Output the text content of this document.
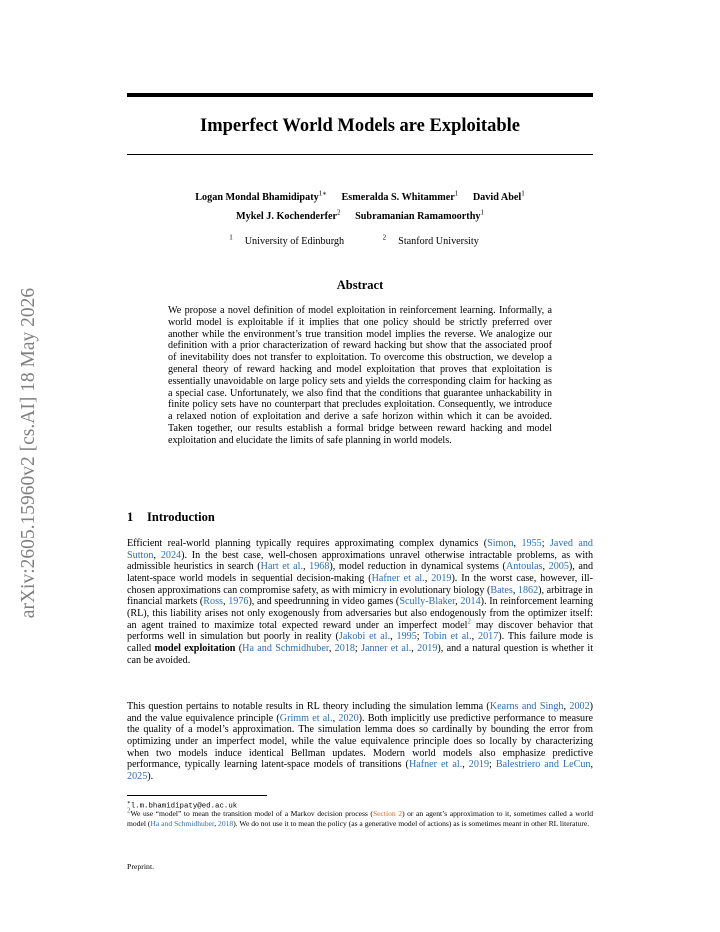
Imperfect World Models are Exploitable
Logan Mondal Bhamidipaty$^{1∗}$ Esmeralda S. Whitammer$^1$ David Abel$^1$
Mykel J. Kochenderfer$^2$ Subramanian Ramamoorthy$^1$
$^1$ University of Edinburgh	$^2$ Stanford University
arXiv:2605.15960v2 [cs.AI] 18 May 2026
Abstract
We propose a novel definition of model exploitation in reinforcement learning. Informally, a world model is exploitable if it implies that one policy should be strictly preferred over another while the environment’s true transition model implies the reverse. We analogize our definition with a prior characterization of reward hacking but show that the associated proof of inevitability does not transfer to exploitation. To overcome this obstruction, we develop a general theory of reward hacking and model exploitation that proves that exploitation is essentially unavoidable on large policy sets and yields the corresponding claim for hacking as a special case. Unfortunately, we also find that the conditions that guarantee unhackability in finite policy sets have no counterpart that precludes exploitation. Consequently, we introduce a relaxed notion of exploitation and derive a safe horizon within which it can be avoided. Taken together, our results establish a formal bridge between reward hacking and model exploitation and elucidate the limits of safe planning in world models.
1 Introduction
Efficient real-world planning typically requires approximating complex dynamics (Simon, 1955; Javed and Sutton, 2024). In the best case, well-chosen approximations unravel otherwise intractable problems, as with admissible heuristics in search (Hart et al., 1968), model reduction in dynamical systems (Antoulas, 2005), and latent-space world models in sequential decision-making (Hafner et al., 2019). In the worst case, however, ill-chosen approximations can compromise safety, as with mimicry in evolutionary biology (Bates, 1862), arbitrage in financial markets (Ross, 1976), and speedrunning in video games (Scully-Blaker, 2014). In reinforcement learning (RL), this liability arises not only exogenously from adversaries but also endogenously from the optimizer itself: an agent trained to maximize total expected reward under an imperfect model$^2$ may discover behavior that performs well in simulation but poorly in reality (Jakobi et al., 1995; Tobin et al., 2017). This failure mode is called model exploitation (Ha and Schmidhuber, 2018; Janner et al., 2019), and a natural question is whether it can be avoided.
This question pertains to notable results in RL theory including the simulation lemma (Kearns and Singh, 2002) and the value equivalence principle (Grimm et al., 2020). Both implicitly use predictive performance to measure the quality of a model’s approximation. The simulation lemma does so cardinally by bounding the error from optimizing under an imperfect model, while the value equivalence principle does so locally by characterizing when two models induce identical Bellman updates. Modern world models also emphasize predictive performance, typically learning latent-space models of transitions (Hafner et al., 2019; Balestriero and LeCun, 2025).
∗l.m.bhamidipaty@ed.ac.uk
2We use “model” to mean the transition model of a Markov decision process (Section 2) or an agent’s approximation to it, sometimes called a world model (Ha and Schmidhuber, 2018). We do not use it to mean the policy (as a generative model of actions) as is sometimes meant in other RL literature.
Preprint.
